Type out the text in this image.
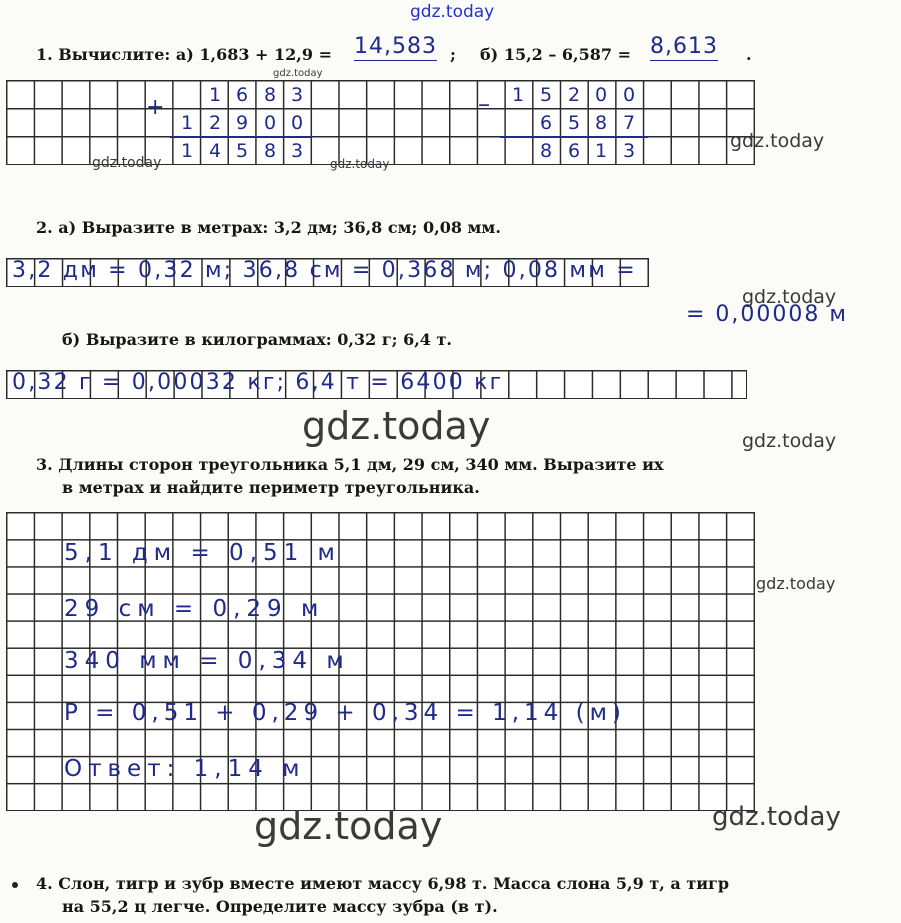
gdz.today
gdz.today
1. Вычислите: а) 1,683 + 12,9 = 14,583 ; б) 15,2 – 6,587 = 8,613 .
+	1 6 8 3
1 2 9 0 0
1 4 5 8 3
– 1 5 2 0 0
6 5 8 7
8 6 1 3
gdz.today	gdz.today
gdz.today
2. а) Выразите в метрах: 3,2 дм; 36,8 см; 0,08 мм.
3,2 дм = 0,32 м; 36,8 см = 0,368 м; 0,08 мм =
= 0,00008 м
gdz.today
б) Выразите в килограммах: 0,32 г; 6,4 т.
0,32 г = 0,00032 кг; 6,4 т = 6400 кг
gdz.today	gdz.today
3. Длины сторон треугольника 5,1 дм, 29 см, 340 мм. Выразите их
в метрах и найдите периметр треугольника.
5,1 дм = 0,51 м
29 см = 0,29 м
340 мм = 0,34 м
P = 0,51 + 0,29 + 0,34 = 1,14 (м)
Ответ: 1,14 м
gdz.today
gdz.today	gdz.today
4. Слон, тигр и зубр вместе имеют массу 6,98 т. Масса слона 5,9 т, а тигр
на 55,2 ц легче. Определите массу зубра (в т).
